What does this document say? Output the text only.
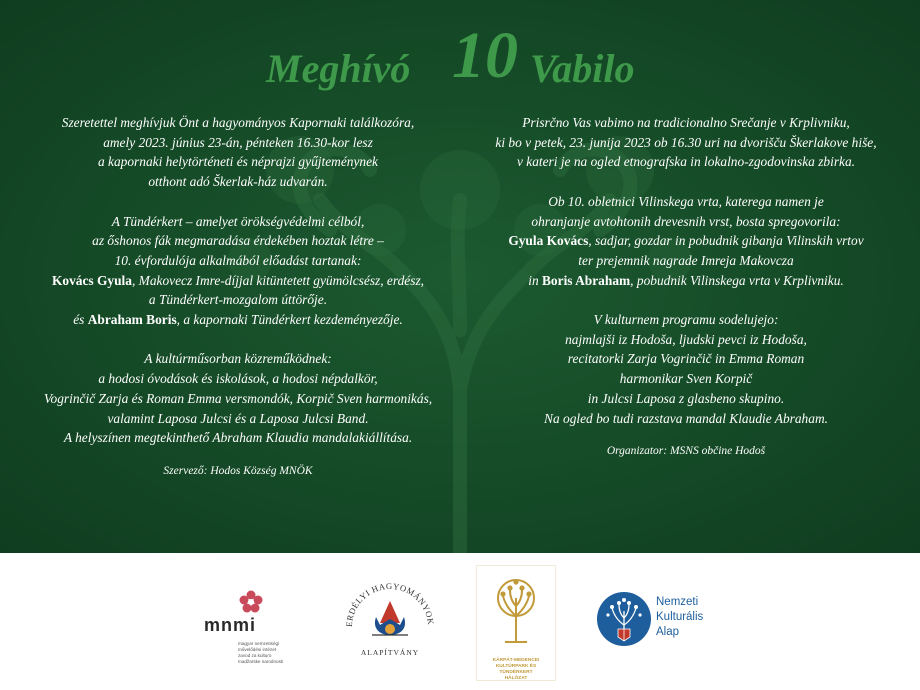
Meghívó 10 Vabilo
Szeretettel meghívjuk Önt a hagyományos Kapornaki találkozóra,
amely 2023. június 23-án, pénteken 16.30-kor lesz
a kapornaki helytörténeti és néprajzi gyűjteménynek
otthont adó Škerlak-ház udvarán.
A Tündérkert – amelyet örökségvédelmi célból,
az őshonos fák megmaradása érdekében hoztak létre –
10. évfordulója alkalmából előadást tartanak:
Kovács Gyula, Makovecz Imre-díjjal kitüntetett gyümölcsész, erdész,
a Tündérkert-mozgalom úttörője.
és Abraham Boris, a kapornaki Tündérkert kezdeményezője.
A kultúrműsorban közreműködnek:
a hodosi óvodások és iskolások, a hodosi népdalkör,
Vogrinčič Zarja és Roman Emma versmondók, Korpič Sven harmonikás,
valamint Laposa Julcsi és a Laposa Julcsi Band.
A helyszínen megtekinthető Abraham Klaudia mandalakiállítása.
Szervező: Hodos Község MNÖK
Prisrčno Vas vabimo na tradicionalno Srečanje v Krplivniku,
ki bo v petek, 23. junija 2023 ob 16.30 uri na dvorišču Škerlakove hiše,
v kateri je na ogled etnografska in lokalno-zgodovinska zbirka.
Ob 10. obletnici Vilinskega vrta, katerega namen je
ohranjanje avtohtonih drevesnih vrst, bosta spregovorila:
Gyula Kovács, sadjar, gozdar in pobudnik gibanja Vilinskih vrtov
ter prejemnik nagrade Imreja Makovcza
in Boris Abraham, pobudnik Vilinskega vrta v Krplivniku.
V kulturnem programu sodelujejo:
najmlajši iz Hodoša, ljudski pevci iz Hodoša,
recitatorki Zarja Vogrinčič in Emma Roman
harmonikar Sven Korpič
in Julcsi Laposa z glasbeno skupino.
Na ogled bo tudi razstava mandal Klaudie Abraham.
Organizator: MSNS občine Hodoš
mnmi
magyar nemzetiségi
művelődési intézet
zavod za kulturo
madžarske narodnosti
ERDÉLYI HAGYOMÁNYOK
ALAPÍTVÁNY
KÁRPÁT-MEDENCEI
KULTÚRPARK ÉS
TÜNDÉRKERT
HÁLÓZAT
Nemzeti
Kulturális
Alap
